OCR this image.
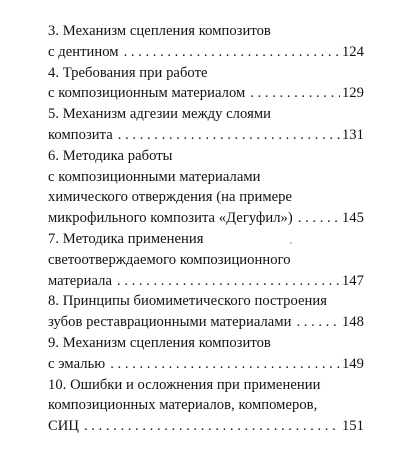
3. Механизм сцепления композитов
с дентином . . .	124
4. Требования при работе
с композиционным материалом . . .	129
5. Механизм адгезии между слоями
композита . . .	131
6. Методика работы
с композиционными материалами
химического отверждения (на примере
микрофильного композита «Дегуфил») . . .	145
7. Методика применения
светоотверждаемого композиционного
материала . . .	147
8. Принципы биомиметического построения
зубов реставрационными материалами . . .	148
9. Механизм сцепления композитов
с эмалью . . .	149
10. Ошибки и осложнения при применении
композиционных материалов, компомеров,
СИЦ . . .	151
